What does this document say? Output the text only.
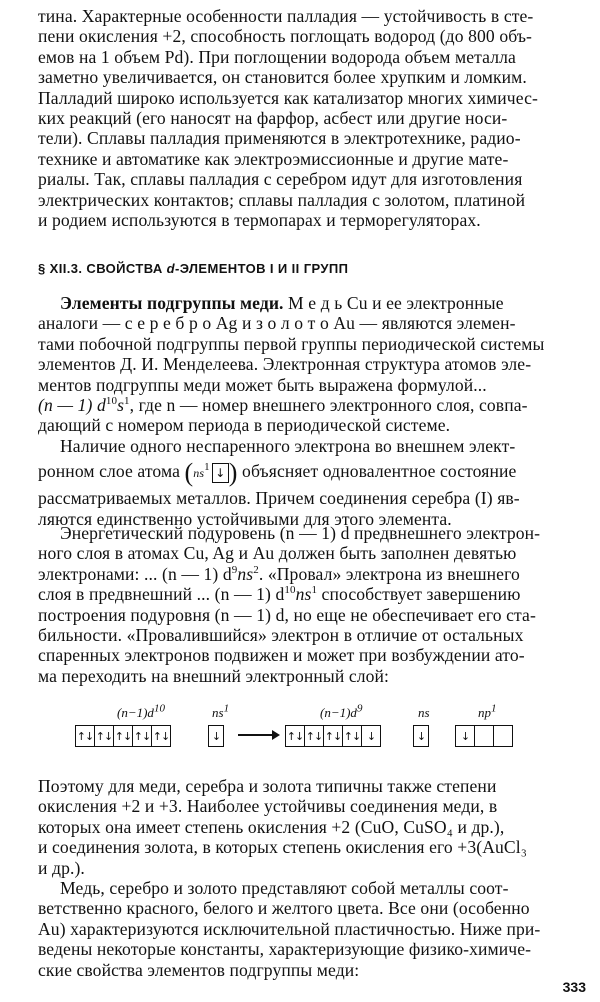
тина. Характерные особенности палладия — устойчивость в сте-
пени окисления +2, способность поглощать водород (до 800 объ-
емов на 1 объем Pd). При поглощении водорода объем металла
заметно увеличивается, он становится более хрупким и ломким.
Палладий широко используется как катализатор многих химичес-
ких реакций (его наносят на фарфор, асбест или другие носи-
тели). Сплавы палладия применяются в электротехнике, радио-
технике и автоматике как электроэмиссионные и другие мате-
риалы. Так, сплавы палладия с серебром идут для изготовления
электрических контактов; сплавы палладия с золотом, платиной
и родием используются в термопарах и терморегуляторах.
§ XII.3. СВОЙСТВА d-ЭЛЕМЕНТОВ I И II ГРУПП
Элементы подгруппы меди. М е д ь Cu и ее электронные
аналоги — с е р е б р о Ag и з о л о т о Au — являются элемен-
тами побочной подгруппы первой группы периодической системы
элементов Д. И. Менделеева. Электронная структура атомов эле-
ментов подгруппы меди может быть выражена формулой...
(n — 1) $d^{10}s^1$, где n — номер внешнего электронного слоя, совпа-
дающий с номером периода в периодической системе.
Наличие одного неспаренного электрона во внешнем элект-
ронном слое атома ($ns^1$ ↓ ) объясняет одновалентное состояние
рассматриваемых металлов. Причем соединения серебра (I) яв-
ляются единственно устойчивыми для этого элемента.
Энергетический подуровень (n — 1) d предвнешнего электрон-
ного слоя в атомах Cu, Ag и Au должен быть заполнен девятью
электронами: ... (n — 1) $d^9ns^2$. «Провал» электрона из внешнего
слоя в предвнешний ... (n — 1) $d^{10}ns^1$ способствует завершению
построения подуровня (n — 1) d, но еще не обеспечивает его ста-
бильности. «Провалившийся» электрон в отличие от остальных
спаренных электронов подвижен и может при возбуждении ато-
ма переходить на внешний электронный слой:
$(n-1)d^{10}$	$ns^1$	$(n-1)d^9$	ns	$np^1$
↑↓ ↑↓ ↑↓ ↑↓ ↑↓	↓	↑↓ ↑↓ ↑↓ ↑↓ ↓	↓	↓
Поэтому для меди, серебра и золота типичны также степени
окисления +2 и +3. Наиболее устойчивы соединения меди, в
которых она имеет степень окисления +2 (CuO, CuSO₄ и др.),
и соединения золота, в которых степень окисления его +3(AuCl₃
и др.).
Медь, серебро и золото представляют собой металлы соот-
ветственно красного, белого и желтого цвета. Все они (особенно
Au) характеризуются исключительной пластичностью. Ниже при-
ведены некоторые константы, характеризующие физико-химиче-
ские свойства элементов подгруппы меди:
333
